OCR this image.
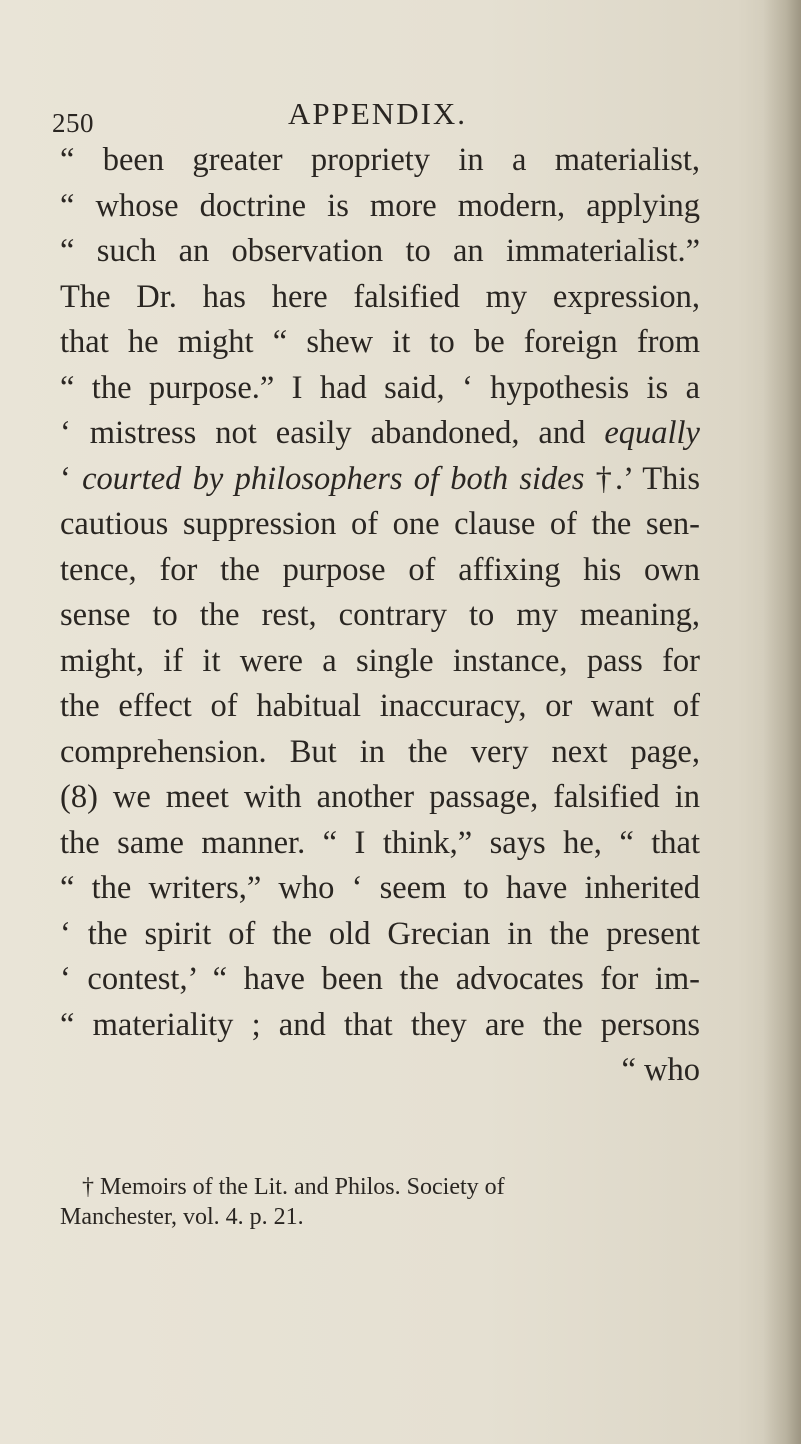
250	APPENDIX.
“ been greater propriety in a materialist,
“ whose doctrine is more modern, applying
“ such an observation to an immaterialist.”
The Dr. has here falsified my expression,
that he might “ shew it to be foreign from
“ the purpose.” I had said, ‘ hypothesis is a
‘ mistress not easily abandoned, and equally
‘ courted by philosophers of both sides †.’ This
cautious suppression of one clause of the sen-
tence, for the purpose of affixing his own
sense to the rest, contrary to my meaning,
might, if it were a single instance, pass for
the effect of habitual inaccuracy, or want of
comprehension. But in the very next page,
(8) we meet with another passage, falsified in
the same manner. “ I think,” says he, “ that
“ the writers,” who ‘ seem to have inherited
‘ the spirit of the old Grecian in the present
‘ contest,’ “ have been the advocates for im-
“ materiality ; and that they are the persons
“ who
† Memoirs of the Lit. and Philos. Society of
Manchester, vol. 4. p. 21.
